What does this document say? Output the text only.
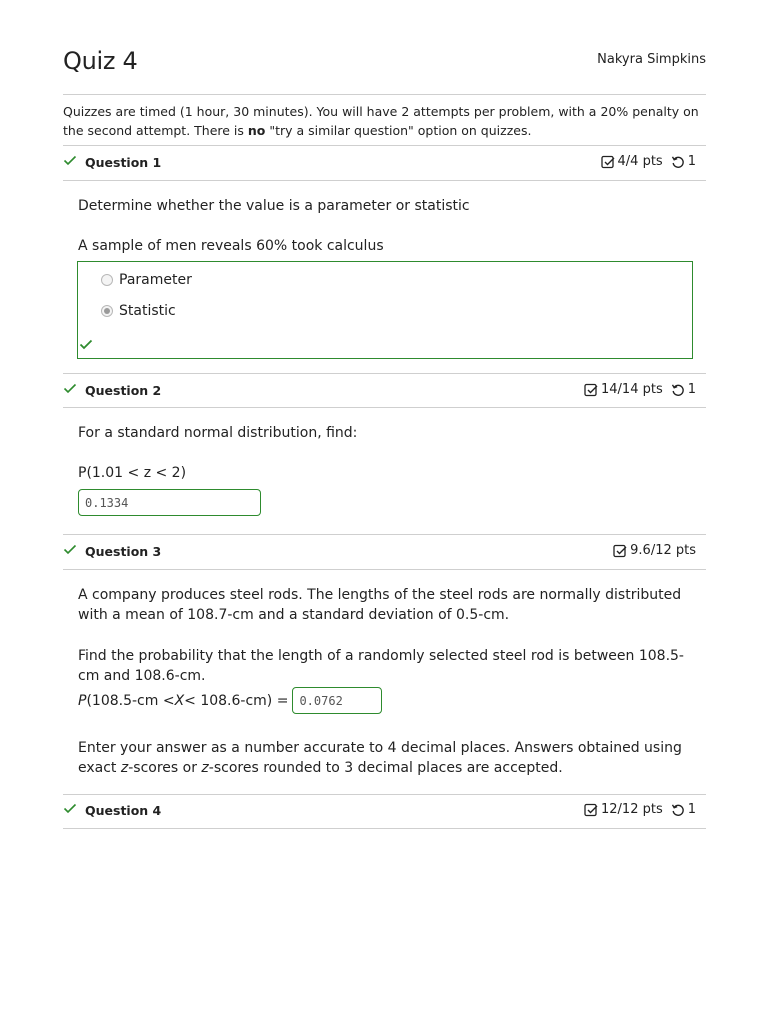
Quiz 4	Nakyra Simpkins
Quizzes are timed (1 hour, 30 minutes). You will have 2 attempts per problem, with a 20% penalty on the second attempt. There is no "try a similar question" option on quizzes.
Question 1	4/4 pts 1
Determine whether the value is a parameter or statistic
A sample of men reveals 60% took calculus
Parameter
Statistic
Question 2	14/14 pts 1
For a standard normal distribution, find:
P(1.01 < z < 2)
0.1334
Question 3	9.6/12 pts
A company produces steel rods. The lengths of the steel rods are normally distributed with a mean of 108.7-cm and a standard deviation of 0.5-cm.
Find the probability that the length of a randomly selected steel rod is between 108.5-cm and 108.6-cm.
P (108.5-cm < X < 108.6-cm) =
0.0762
Enter your answer as a number accurate to 4 decimal places. Answers obtained using exact z-scores or z-scores rounded to 3 decimal places are accepted.
Question 4	12/12 pts 1
